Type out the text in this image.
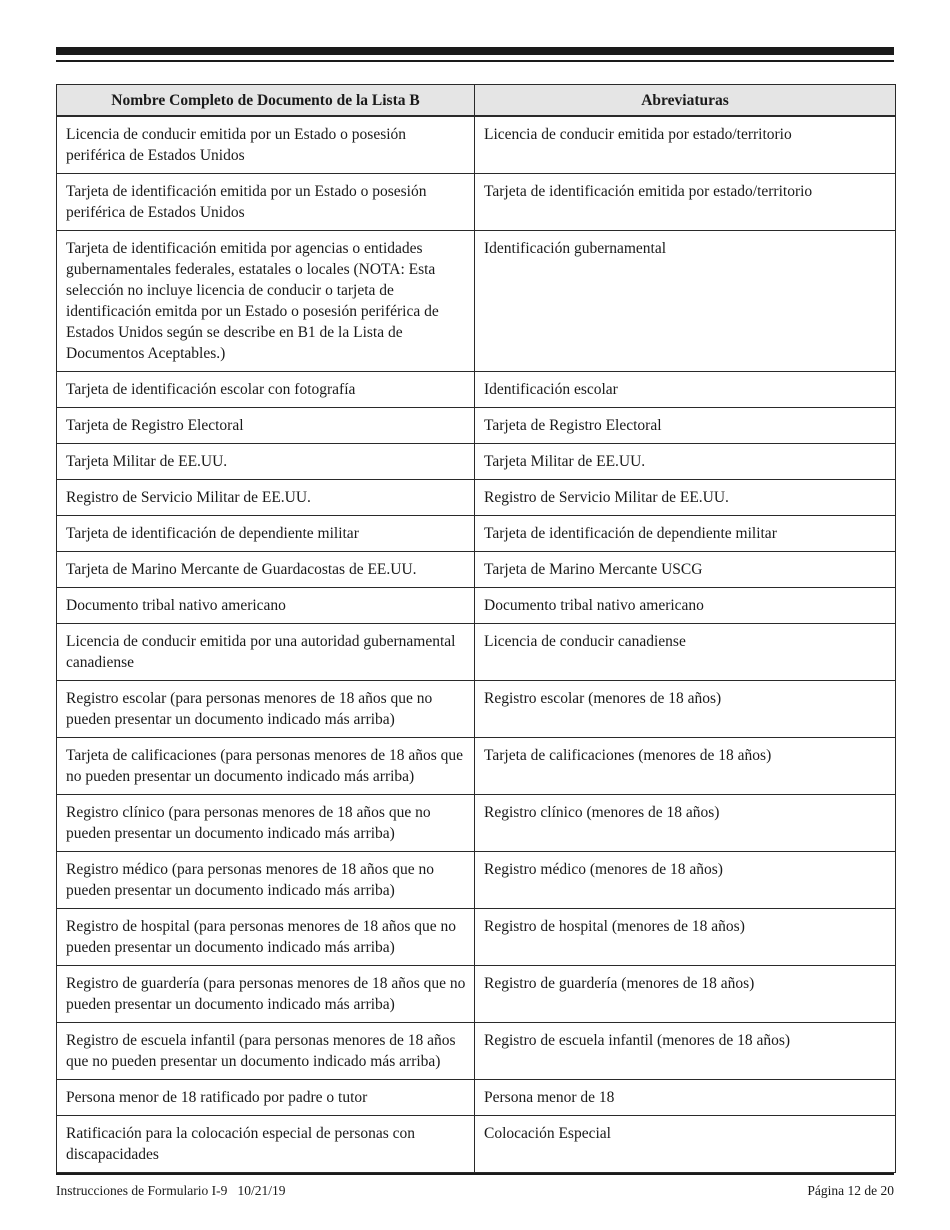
Nombre Completo de Documento de la Lista B	Abreviaturas
Licencia de conducir emitida por un Estado o posesión periférica de Estados Unidos	Licencia de conducir emitida por estado/territorio
Tarjeta de identificación emitida por un Estado o posesión periférica de Estados Unidos	Tarjeta de identificación emitida por estado/territorio
Tarjeta de identificación emitida por agencias o entidades gubernamentales federales, estatales o locales (NOTA: Esta selección no incluye licencia de conducir o tarjeta de identificación emitda por un Estado o posesión periférica de Estados Unidos según se describe en B1 de la Lista de Documentos Aceptables.)	Identificación gubernamental
Tarjeta de identificación escolar con fotografía	Identificación escolar
Tarjeta de Registro Electoral	Tarjeta de Registro Electoral
Tarjeta Militar de EE.UU.	Tarjeta Militar de EE.UU.
Registro de Servicio Militar de EE.UU.	Registro de Servicio Militar de EE.UU.
Tarjeta de identificación de dependiente militar	Tarjeta de identificación de dependiente militar
Tarjeta de Marino Mercante de Guardacostas de EE.UU.	Tarjeta de Marino Mercante USCG
Documento tribal nativo americano	Documento tribal nativo americano
Licencia de conducir emitida por una autoridad gubernamental canadiense	Licencia de conducir canadiense
Registro escolar (para personas menores de 18 años que no pueden presentar un documento indicado más arriba)	Registro escolar (menores de 18 años)
Tarjeta de calificaciones (para personas menores de 18 años que no pueden presentar un documento indicado más arriba)	Tarjeta de calificaciones (menores de 18 años)
Registro clínico (para personas menores de 18 años que no pueden presentar un documento indicado más arriba)	Registro clínico (menores de 18 años)
Registro médico (para personas menores de 18 años que no pueden presentar un documento indicado más arriba)	Registro médico (menores de 18 años)
Registro de hospital (para personas menores de 18 años que no pueden presentar un documento indicado más arriba)	Registro de hospital (menores de 18 años)
Registro de guardería (para personas menores de 18 años que no pueden presentar un documento indicado más arriba)	Registro de guardería (menores de 18 años)
Registro de escuela infantil (para personas menores de 18 años que no pueden presentar un documento indicado más arriba)	Registro de escuela infantil (menores de 18 años)
Persona menor de 18 ratificado por padre o tutor	Persona menor de 18
Ratificación para la colocación especial de personas con discapacidades	Colocación Especial
Instrucciones de Formulario I-9 10/21/19	Página 12 de 20
